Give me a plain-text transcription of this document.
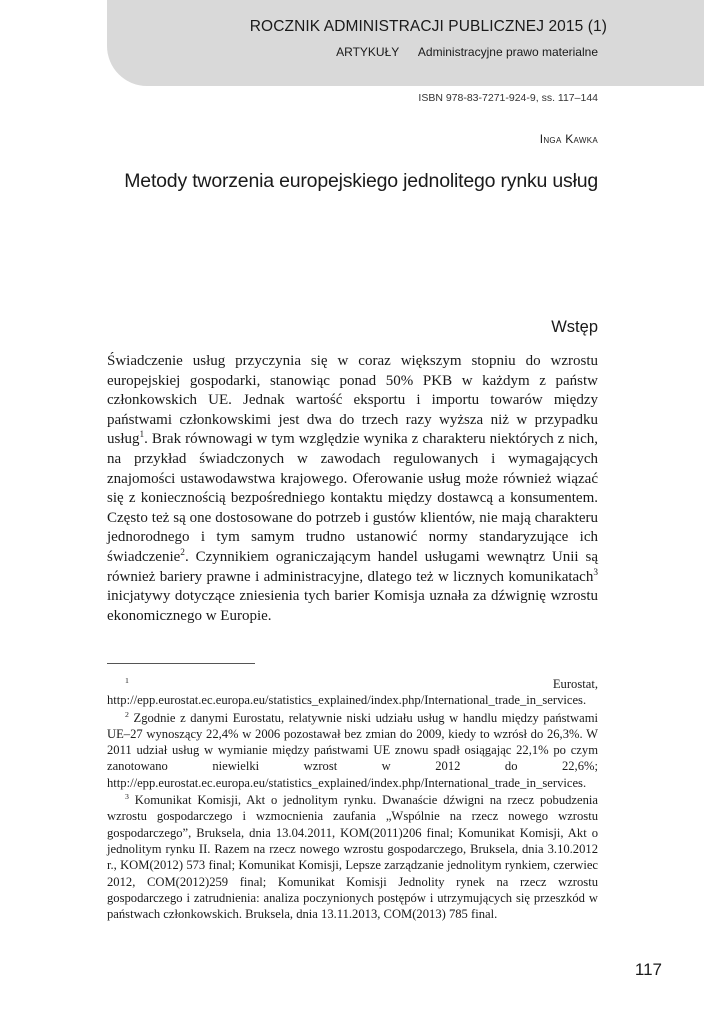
ROCZNIK ADMINISTRACJI PUBLICZNEJ 2015 (1)
ARTYKUŁY Administracyjne prawo materialne
ISBN 978-83-7271-924-9, ss. 117–144
Inga Kawka
Metody tworzenia europejskiego jednolitego rynku usług
Wstęp

Świadczenie usług przyczynia się w coraz większym stopniu do wzrostu europejskiej gospodarki, stanowiąc ponad 50% PKB w każdym z państw członkowskich UE. Jednak wartość eksportu i importu towarów między państwami członkowskimi jest dwa do trzech razy wyższa niż w przypadku usług$^1$. Brak równowagi w tym względzie wynika z charakteru niektórych z nich, na przykład świadczonych w zawodach regulowanych i wymagających znajomości ustawodawstwa krajowego. Oferowanie usług może również wiązać się z koniecznością bezpośredniego kontaktu między dostawcą a konsumentem. Często też są one dostosowane do potrzeb i gustów klientów, nie mają charakteru jednorodnego i tym samym trudno ustanowić normy standaryzujące ich świadczenie$^2$. Czynnikiem ograniczającym handel usługami wewnątrz Unii są również bariery prawne i administracyjne, dlatego też w licznych komunikatach$^3$ inicjatywy dotyczące zniesienia tych barier Komisja uznała za dźwignię wzrostu ekonomicznego w Europie.

$^1$ Eurostat, http://epp.eurostat.ec.europa.eu/statistics_explained/index.php/International_trade_in_services.

$^2$ Zgodnie z danymi Eurostatu, relatywnie niski udziału usług w handlu między państwami UE–27 wynoszący 22,4% w 2006 pozostawał bez zmian do 2009, kiedy to wzrósł do 26,3%. W 2011 udział usług w wymianie między państwami UE znowu spadł osiągając 22,1% po czym zanotowano niewielki wzrost w 2012 do 22,6%; http://epp.eurostat.ec.europa.eu/statistics_explained/index.php/International_trade_in_services.

$^3$ Komunikat Komisji, Akt o jednolitym rynku. Dwanaście dźwigni na rzecz pobudzenia wzrostu gospodarczego i wzmocnienia zaufania „Wspólnie na rzecz nowego wzrostu gospodarczego”, Bruksela, dnia 13.04.2011, KOM(2011)206 final; Komunikat Komisji, Akt o jednolitym rynku II. Razem na rzecz nowego wzrostu gospodarczego, Bruksela, dnia 3.10.2012 r., KOM(2012) 573 final; Komunikat Komisji, Lepsze zarządzanie jednolitym rynkiem, czerwiec 2012, COM(2012)259 final; Komunikat Komisji Jednolity rynek na rzecz wzrostu gospodarczego i zatrudnienia: analiza poczynionych postępów i utrzymujących się przeszkód w państwach członkowskich. Bruksela, dnia 13.11.2013, COM(2013) 785 final.

117
